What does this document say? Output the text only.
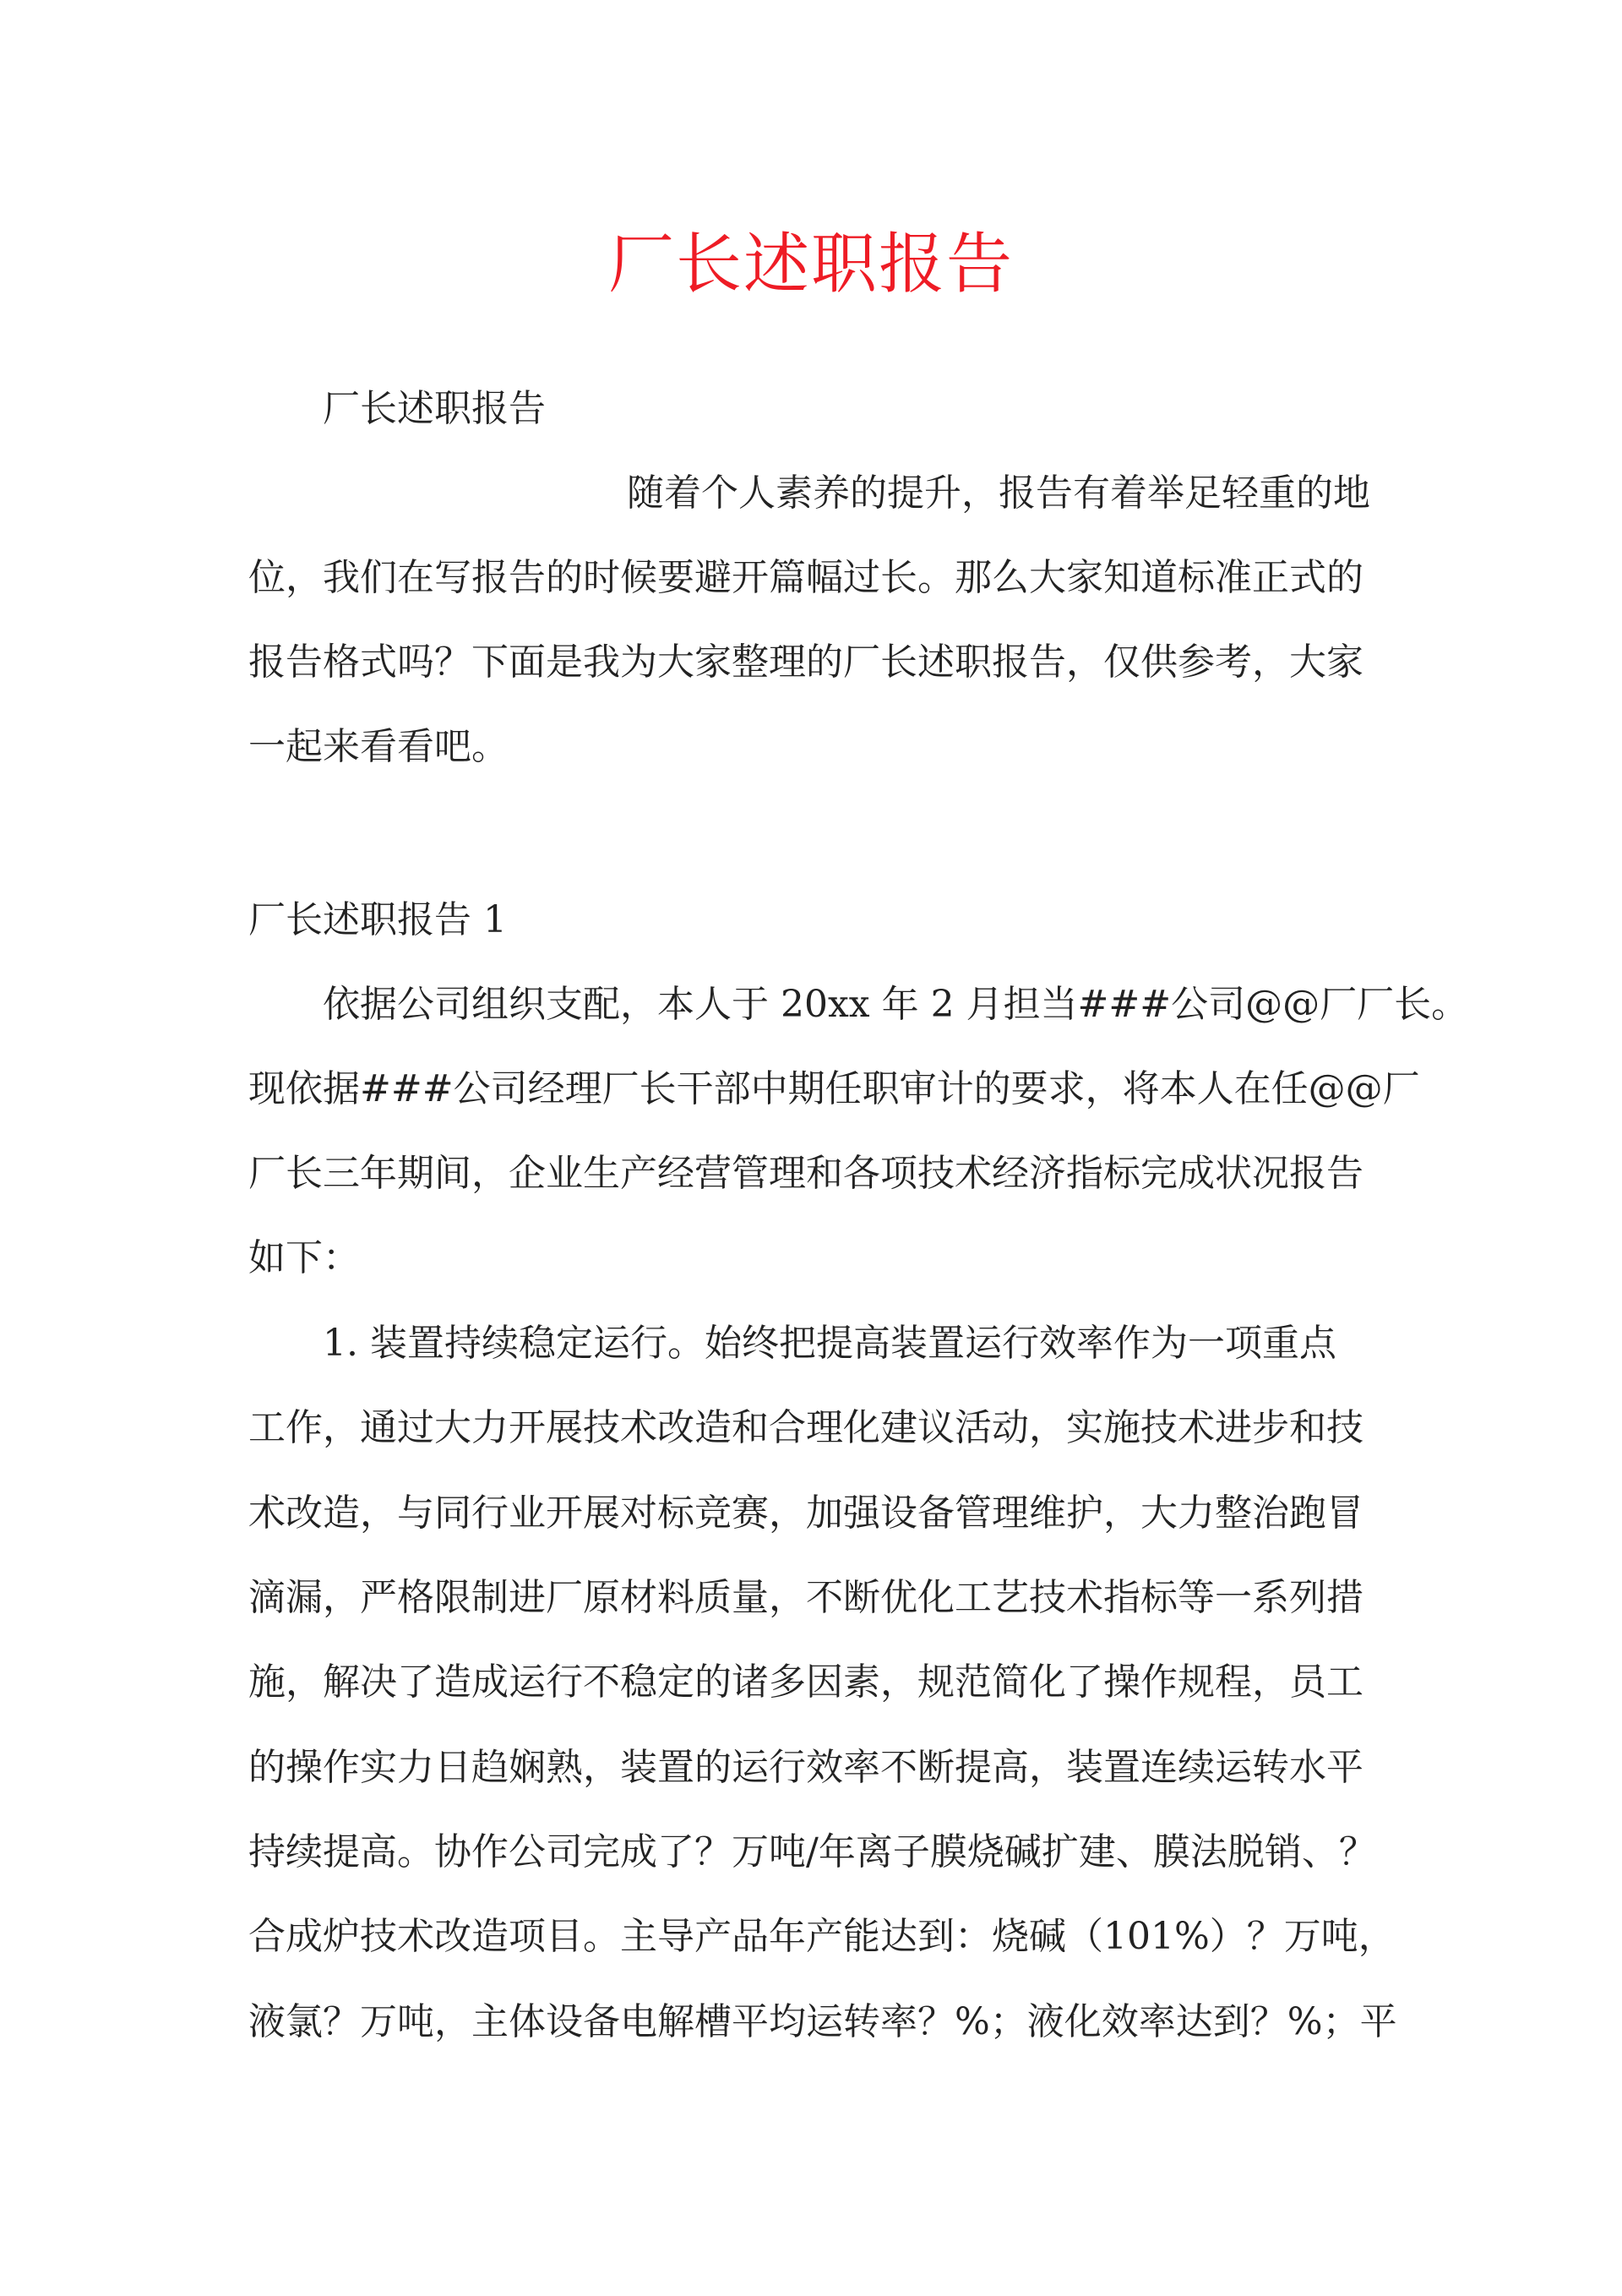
厂长述职报告
厂长述职报告
随着个人素养的提升，报告有着举足轻重的地
位，我们在写报告的时候要避开篇幅过长。那么大家知道标准正式的
报告格式吗？下面是我为大家整理的厂长述职报告，仅供参考，大家
一起来看看吧。
厂长述职报告 1
依据公司组织支配，本人于 20xx 年 2 月担当###公司@@厂厂长。
现依据###公司经理厂长干部中期任职审计的要求，将本人在任@@厂
厂长三年期间，企业生产经营管理和各项技术经济指标完成状况报告
如下：
1. 装置持续稳定运行。始终把提高装置运行效率作为一项重点
工作，通过大力开展技术改造和合理化建议活动，实施技术进步和技
术改造，与同行业开展对标竞赛，加强设备管理维护，大力整治跑冒
滴漏，严格限制进厂原材料质量，不断优化工艺技术指标等一系列措
施，解决了造成运行不稳定的诸多因素，规范简化了操作规程，员工
的操作实力日趋娴熟，装置的运行效率不断提高，装置连续运转水平
持续提高。协作公司完成了？万吨/年离子膜烧碱扩建、膜法脱销、？
合成炉技术改造项目。主导产品年产能达到：烧碱（101%）？万吨，
液氯？万吨，主体设备电解槽平均运转率？%；液化效率达到？%；平
